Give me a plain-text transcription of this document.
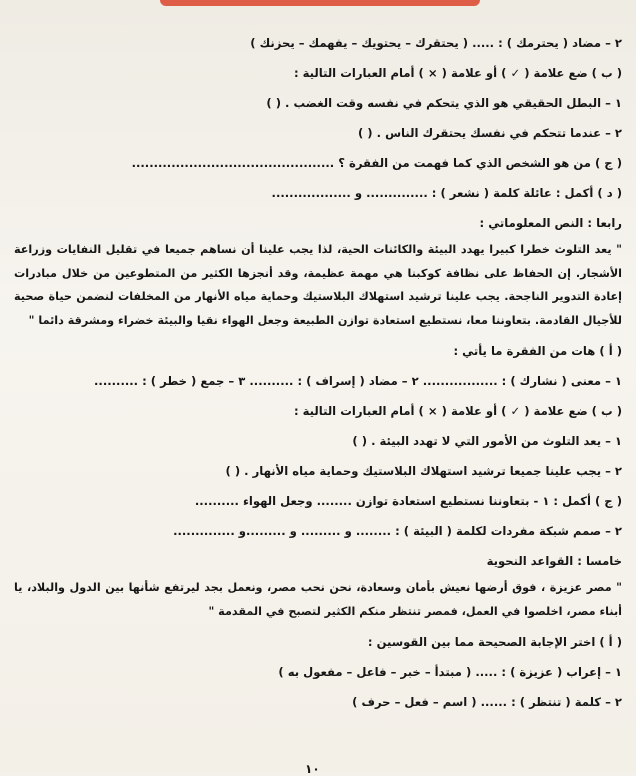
٢ – مضاد ( يحترمك ) : ..... ( يحتقرك – يحتويك – يفهمك – يحزنك )

( ب ) ضع علامة ( ✓ ) أو علامة ( × ) أمام العبارات التالية :

١ – البطل الحقيقي هو الذي يتحكم في نفسه وقت الغضب . ( )

٢ – عندما تتحكم في نفسك يحتقرك الناس . ( )

( ج ) من هو الشخص الذي كما فهمت من الفقرة ؟ ..............................................

( د ) أكمل : عائلة كلمة ( نشعر ) : .............. و ..................

رابعا : النص المعلوماتي :

" يعد التلوث خطرا كبيرا يهدد البيئة والكائنات الحية، لذا يجب علينا أن نساهم جميعا في تقليل النفايات وزراعة الأشجار. إن الحفاظ على نظافة كوكبنا هي مهمة عظيمة، وقد أنجزها الكثير من المتطوعين من خلال مبادرات إعادة التدوير الناجحة. يجب علينا ترشيد استهلاك البلاستيك وحماية مياه الأنهار من المخلفات لنضمن حياة صحية للأجيال القادمة. بتعاوننا معا، نستطيع استعادة توازن الطبيعة وجعل الهواء نقيا والبيئة خضراء ومشرقة دائما "

( أ ) هات من الفقرة ما يأتي :

١ – معنى ( نشارك ) : ................. ٢ – مضاد ( إسراف ) : .......... ٣ – جمع ( خطر ) : ..........

( ب ) ضع علامة ( ✓ ) أو علامة ( × ) أمام العبارات التالية :

١ – يعد التلوث من الأمور التي لا تهدد البيئة . ( )

٢ – يجب علينا جميعا ترشيد استهلاك البلاستيك وحماية مياه الأنهار . ( )

( ج ) أكمل : ١ - بتعاوننا نستطيع استعادة توازن ........ وجعل الهواء ..........

٢ – صمم شبكة مفردات لكلمة ( البيئة ) : ........ و ......... و .........و ..............

خامسا : القواعد النحوية

" مصر عزيزة ، فوق أرضها نعيش بأمان وسعادة، نحن نحب مصر، ونعمل بجد ليرتفع شأنها بين الدول والبلاد، يا أبناء مصر، اخلصوا في العمل، فمصر تنتظر منكم الكثير لتصبح في المقدمة "

( أ ) اختر الإجابة الصحيحة مما بين القوسين :

١ – إعراب ( عزيزة ) : ..... ( مبتدأ – خبر – فاعل – مفعول به )

٢ – كلمة ( تنتظر ) : ...... ( اسم – فعل – حرف )

١٠
